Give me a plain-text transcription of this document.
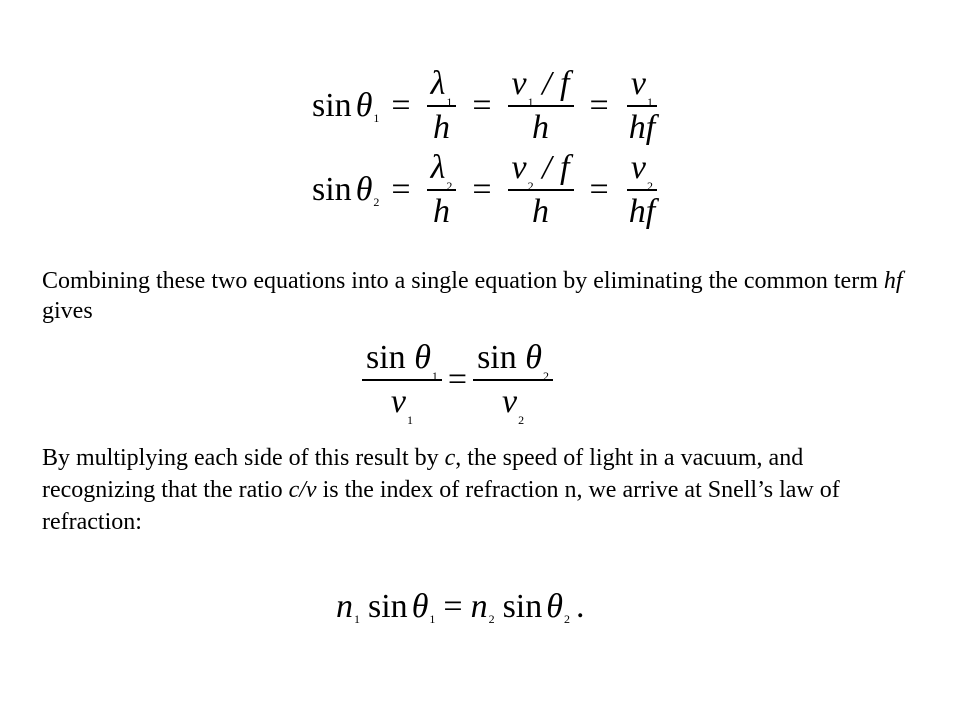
sin θ $1 = \frac{\lambda_1}{h} = \frac{v_1 / f}{h} = \frac{v_1}{hf}$
sin θ $2 = \frac{\lambda_2}{h} = \frac{v_2 / f}{h} = \frac{v_2}{hf}$
Combining these two equations into a single equation by eliminating the common term hf gives
$\frac{\sin \theta_1}{v_1} = \frac{\sin \theta_2}{v_2}$
By multiplying each side of this result by c, the speed of light in a vacuum, and recognizing that the ratio c/v is the index of refraction n, we arrive at Snell’s law of refraction:
n 1 sin θ 1 = n 2 sin θ 2 .
